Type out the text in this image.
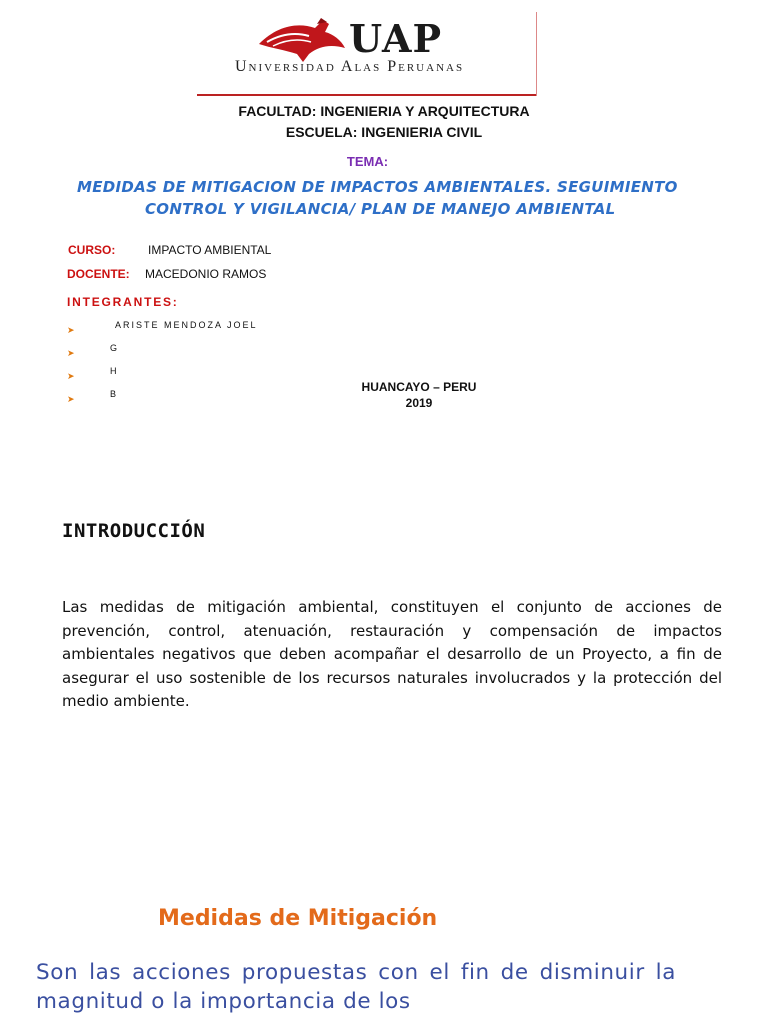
UAP
Universidad Alas Peruanas
FACULTAD: INGENIERIA Y ARQUITECTURA
ESCUELA: INGENIERIA CIVIL
TEMA:
MEDIDAS DE MITIGACION DE IMPACTOS AMBIENTALES. SEGUIMIENTO
CONTROL Y VIGILANCIA/ PLAN DE MANEJO AMBIENTAL
CURSO:	IMPACTO AMBIENTAL
DOCENTE: MACEDONIO RAMOS
INTEGRANTES:
➤	ARISTE MENDOZA JOEL
➤	G
➤	H
➤	B	HUANCAYO – PERU
2019
INTRODUCCIÓN
Las medidas de mitigación ambiental, constituyen el conjunto de acciones de prevención, control, atenuación, restauración y compensación de impactos ambientales negativos que deben acompañar el desarrollo de un Proyecto, a fin de asegurar el uso sostenible de los recursos naturales involucrados y la protección del medio ambiente.
Medidas de Mitigación
Son las acciones propuestas con el fin de disminuir la magnitud o la importancia de los
